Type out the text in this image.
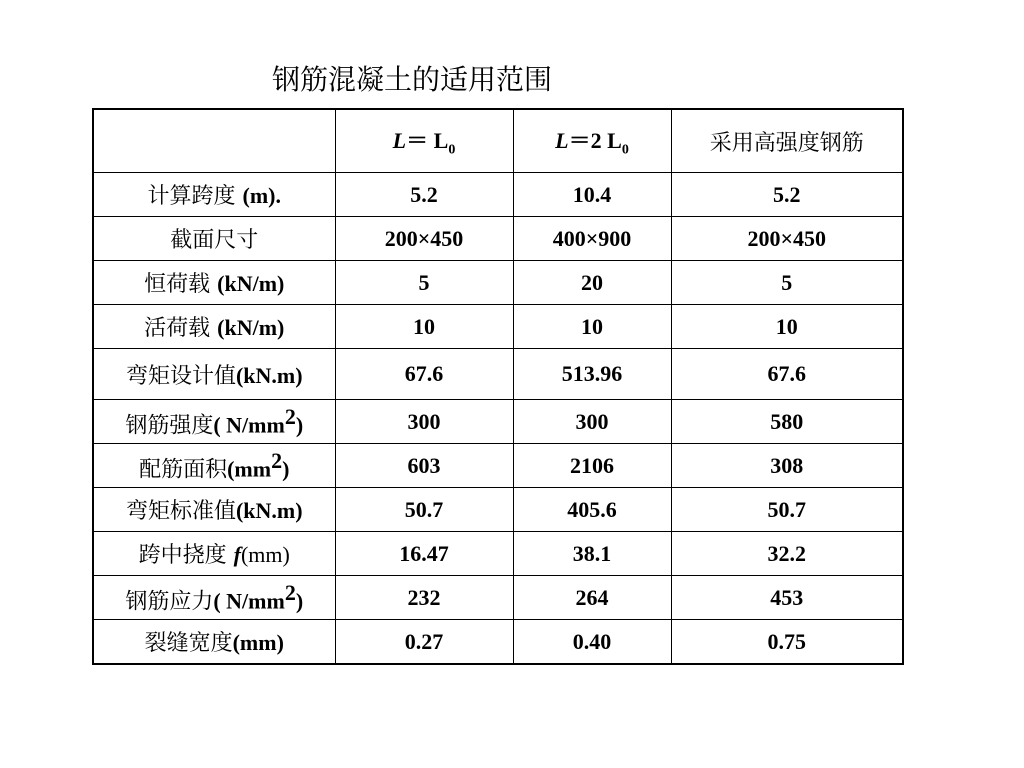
钢筋混凝土的适用范围
	$L= L_0$	L＝2 $L_0$	采用高强度钢筋
计算跨度 (m).	5.2	10.4	5.2
截面尺寸	200×450	400×900	200×450
恒荷载 (kN/m)	5	20	5
活荷载 (kN/m)	10	10	10
弯矩设计值(kN.m)	67.6	513.96	67.6
钢筋强度( $N/mm^2$)	300	300	580
配筋面积$(mm^2)$	603	2106	308
弯矩标准值(kN.m)	50.7	405.6	50.7
跨中挠度 f(mm)	16.47	38.1	32.2
钢筋应力( $N/mm^2$)	232	264	453
裂缝宽度(mm)	0.27	0.40	0.75
